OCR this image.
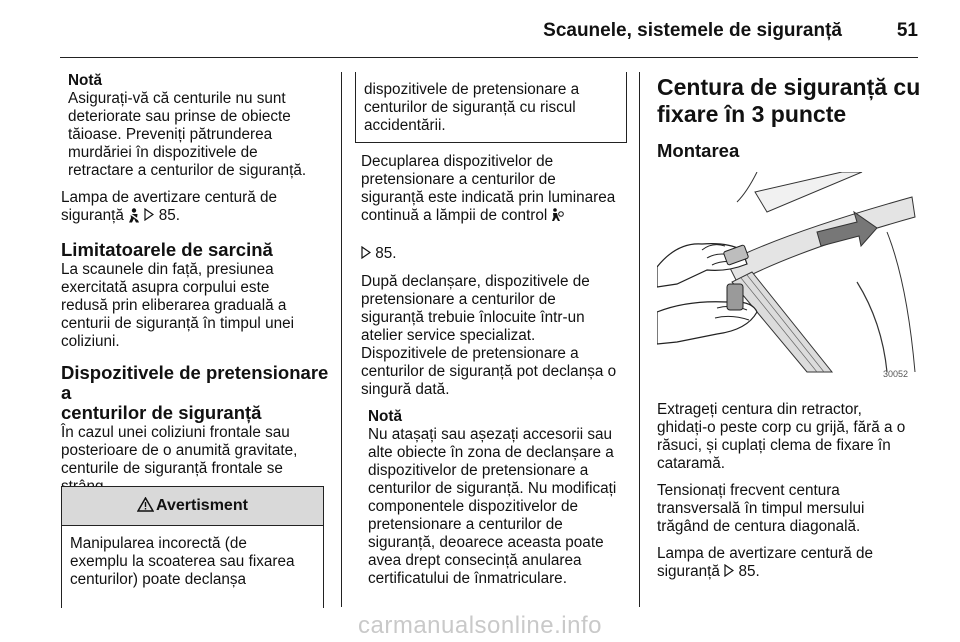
Scaunele, sistemele de siguranță	51

Notă

Asigurați-vă că centurile nu sunt
deteriorate sau prinse de obiecte
tăioase. Preveniți pătrunderea
murdăriei în dispozitivele de
retractare a centurilor de siguranță.

Lampa de avertizare centură de
siguranță 85.

Limitatoarele de sarcină

La scaunele din față, presiunea
exercitată asupra corpului este
redusă prin eliberarea graduală a
centurii de siguranță în timpul unei
coliziuni.

Dispozitivele de pretensionare a
centurilor de siguranță

În cazul unei coliziuni frontale sau
posterioare de o anumită gravitate,
centurile de siguranță frontale se

Avertisment
Manipularea incorectă (de
exemplu la scoaterea sau fixarea
centurilor) poate declanșa
dispozitivele de pretensionare a
centurilor de siguranță cu riscul
accidentării.

Decuplarea dispozitivelor de
pretensionare a centurilor de
siguranță este indicată prin luminarea
continuă a lămpii de control

85.

După declanșare, dispozitivele de
pretensionare a centurilor de
siguranță trebuie înlocuite într-un
atelier service specializat.
Dispozitivele de pretensionare a
centurilor de siguranță pot declanșa o
singură dată.

Notă

Nu atașați sau așezați accesorii sau
alte obiecte în zona de declanșare a
dispozitivelor de pretensionare a
centurilor de siguranță. Nu modificați
componentele dispozitivelor de
pretensionare a centurilor de
siguranță, deoarece aceasta poate
avea drept consecință anularea
certificatului de înmatriculare.

Centura de siguranță cu
fixare în 3 puncte
Montarea
30052

Extrageți centura din retractor,
ghidați-o peste corp cu grijă, fără a o
răsuci, și cuplați clema de fixare în
cataramă.

Tensionați frecvent centura
transversală în timpul mersului
trăgând de centura diagonală.

Lampa de avertizare centură de
siguranță 85.

carmanualsonline.info
